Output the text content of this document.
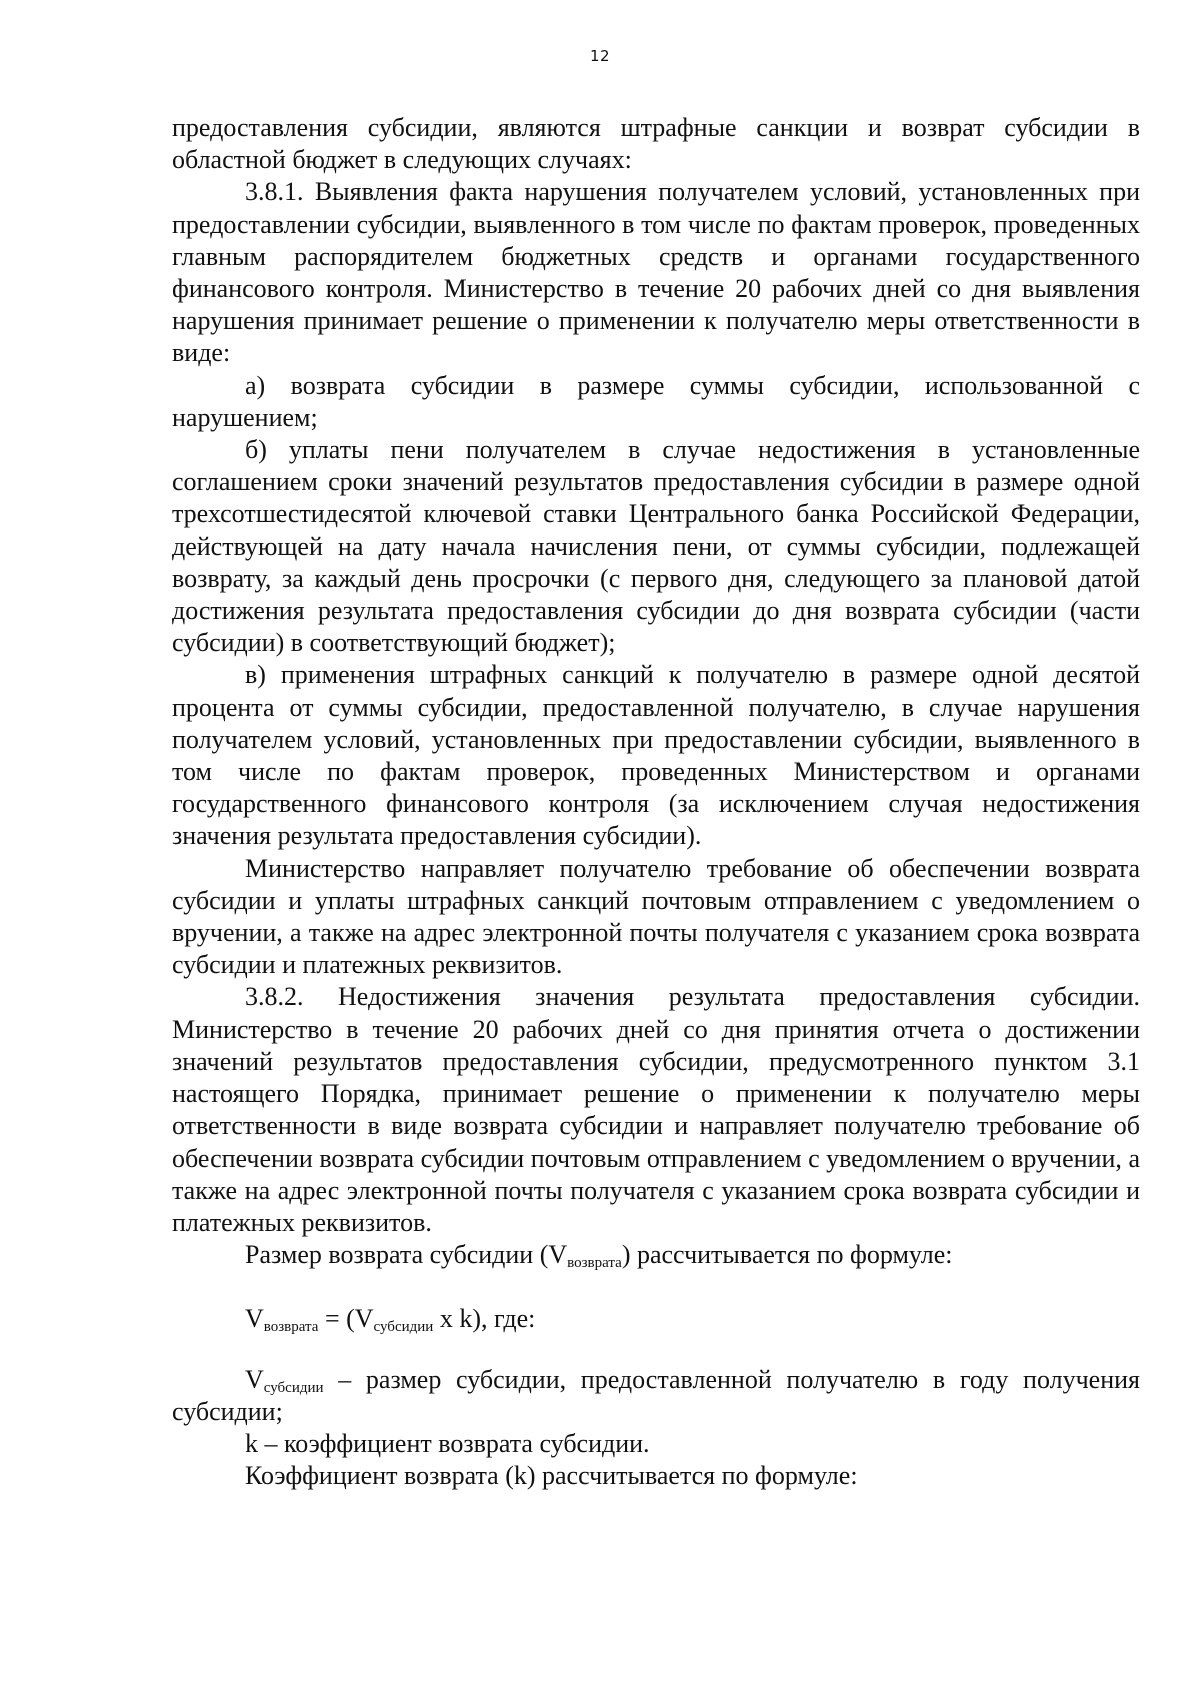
12

предоставления субсидии, являются штрафные санкции и возврат субсидии в областной бюджет в следующих случаях:

3.8.1. Выявления факта нарушения получателем условий, установленных при предоставлении субсидии, выявленного в том числе по фактам проверок, проведенных главным распорядителем бюджетных средств и органами государственного финансового контроля. Министерство в течение 20 рабочих дней со дня выявления нарушения принимает решение о применении к получателю меры ответственности в виде:

а) возврата субсидии в размере суммы субсидии, использованной с нарушением;

б) уплаты пени получателем в случае недостижения в установленные соглашением сроки значений результатов предоставления субсидии в размере одной трехсотшестидесятой ключевой ставки Центрального банка Российской Федерации, действующей на дату начала начисления пени, от суммы субсидии, подлежащей возврату, за каждый день просрочки (с первого дня, следующего за плановой датой достижения результата предоставления субсидии до дня возврата субсидии (части субсидии) в соответствующий бюджет);

в) применения штрафных санкций к получателю в размере одной десятой процента от суммы субсидии, предоставленной получателю, в случае нарушения получателем условий, установленных при предоставлении субсидии, выявленного в том числе по фактам проверок, проведенных Министерством и органами государственного финансового контроля (за исключением случая недостижения значения результата предоставления субсидии).

Министерство направляет получателю требование об обеспечении возврата субсидии и уплаты штрафных санкций почтовым отправлением с уведомлением о вручении, а также на адрес электронной почты получателя с указанием срока возврата субсидии и платежных реквизитов.

3.8.2. Недостижения значения результата предоставления субсидии. Министерство в течение 20 рабочих дней со дня принятия отчета о достижении значений результатов предоставления субсидии, предусмотренного пунктом 3.1 настоящего Порядка, принимает решение о применении к получателю меры ответственности в виде возврата субсидии и направляет получателю требование об обеспечении возврата субсидии почтовым отправлением с уведомлением о вручении, а также на адрес электронной почты получателя с указанием срока возврата субсидии и платежных реквизитов.

Размер возврата субсидии $(V_{возврата})$ рассчитывается по формуле:

$V_{возврата} = (V_{субсидии}$ x k), где:

$V_{субсидии}$ – размер субсидии, предоставленной получателю в году получения субсидии;

k – коэффициент возврата субсидии.

Коэффициент возврата (k) рассчитывается по формуле:
